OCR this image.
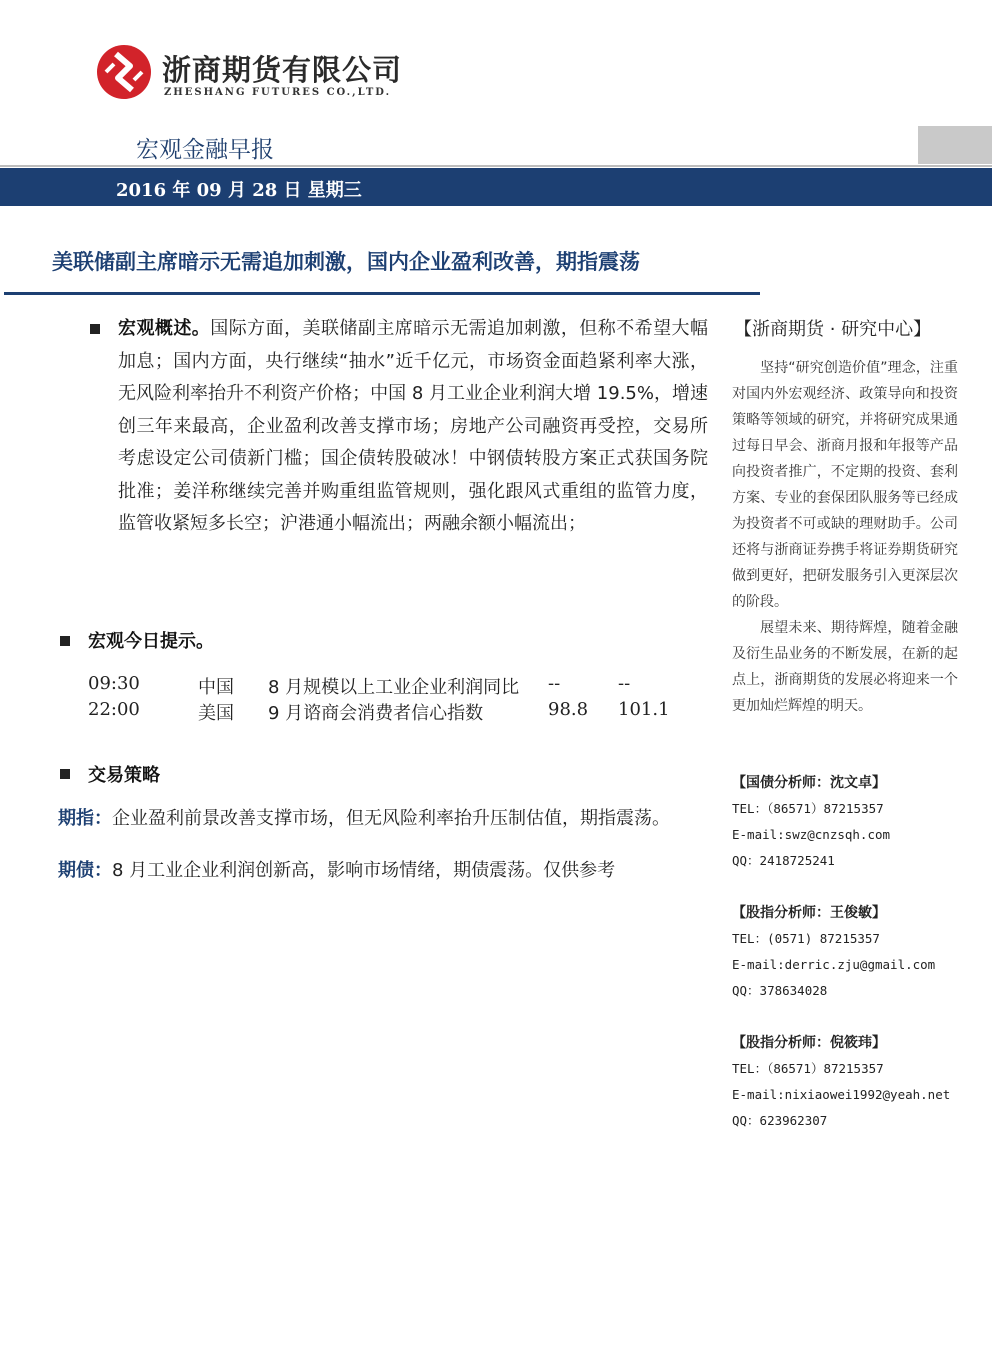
浙商期货有限公司
ZHESHANG FUTURES CO.,LTD.
宏观金融早报
2016 年 09 月 28 日 星期三
美联储副主席暗示无需追加刺激，国内企业盈利改善，期指震荡
宏观概述。国际方面，美联储副主席暗示无需追加刺激，但称不希望大幅加息；国内方面，央行继续“抽水”近千亿元，市场资金面趋紧利率大涨，无风险利率抬升不利资产价格；中国 8 月工业企业利润大增 19.5%，增速创三年来最高，企业盈利改善支撑市场；房地产公司融资再受控，交易所考虑设定公司债新门槛；国企债转股破冰！中钢债转股方案正式获国务院批准；姜洋称继续完善并购重组监管规则，强化跟风式重组的监管力度，监管收紧短多长空；沪港通小幅流出；两融余额小幅流出；
宏观今日提示。
09:30	中国 8 月规模以上工业企业利润同比 --	--
22:00	美国 9 月谘商会消费者信心指数	98.8 101.1
交易策略
期指：企业盈利前景改善支撑市场，但无风险利率抬升压制估值，期指震荡。
期债：8 月工业企业利润创新高，影响市场情绪，期债震荡。仅供参考
【浙商期货 · 研究中心】
坚持“研究创造价值”理念，注重对国内外宏观经济、政策导向和投资策略等领域的研究，并将研究成果通过每日早会、浙商月报和年报等产品向投资者推广，不定期的投资、套利方案、专业的套保团队服务等已经成为投资者不可或缺的理财助手。公司还将与浙商证券携手将证券期货研究做到更好，把研发服务引入更深层次的阶段。
展望未来、期待辉煌，随着金融及衍生品业务的不断发展，在新的起点上，浙商期货的发展必将迎来一个更加灿烂辉煌的明天。
【国债分析师：沈文卓】
TEL：（86571）87215357
E-mail:swz@cnzsqh.com
QQ：2418725241
【股指分析师：王俊敏】
TEL：(0571) 87215357
E-mail:derric.zju@gmail.com
QQ：378634028
【股指分析师：倪筱玮】
TEL：（86571）87215357
E-mail:nixiaowei1992@yeah.net
QQ：623962307
